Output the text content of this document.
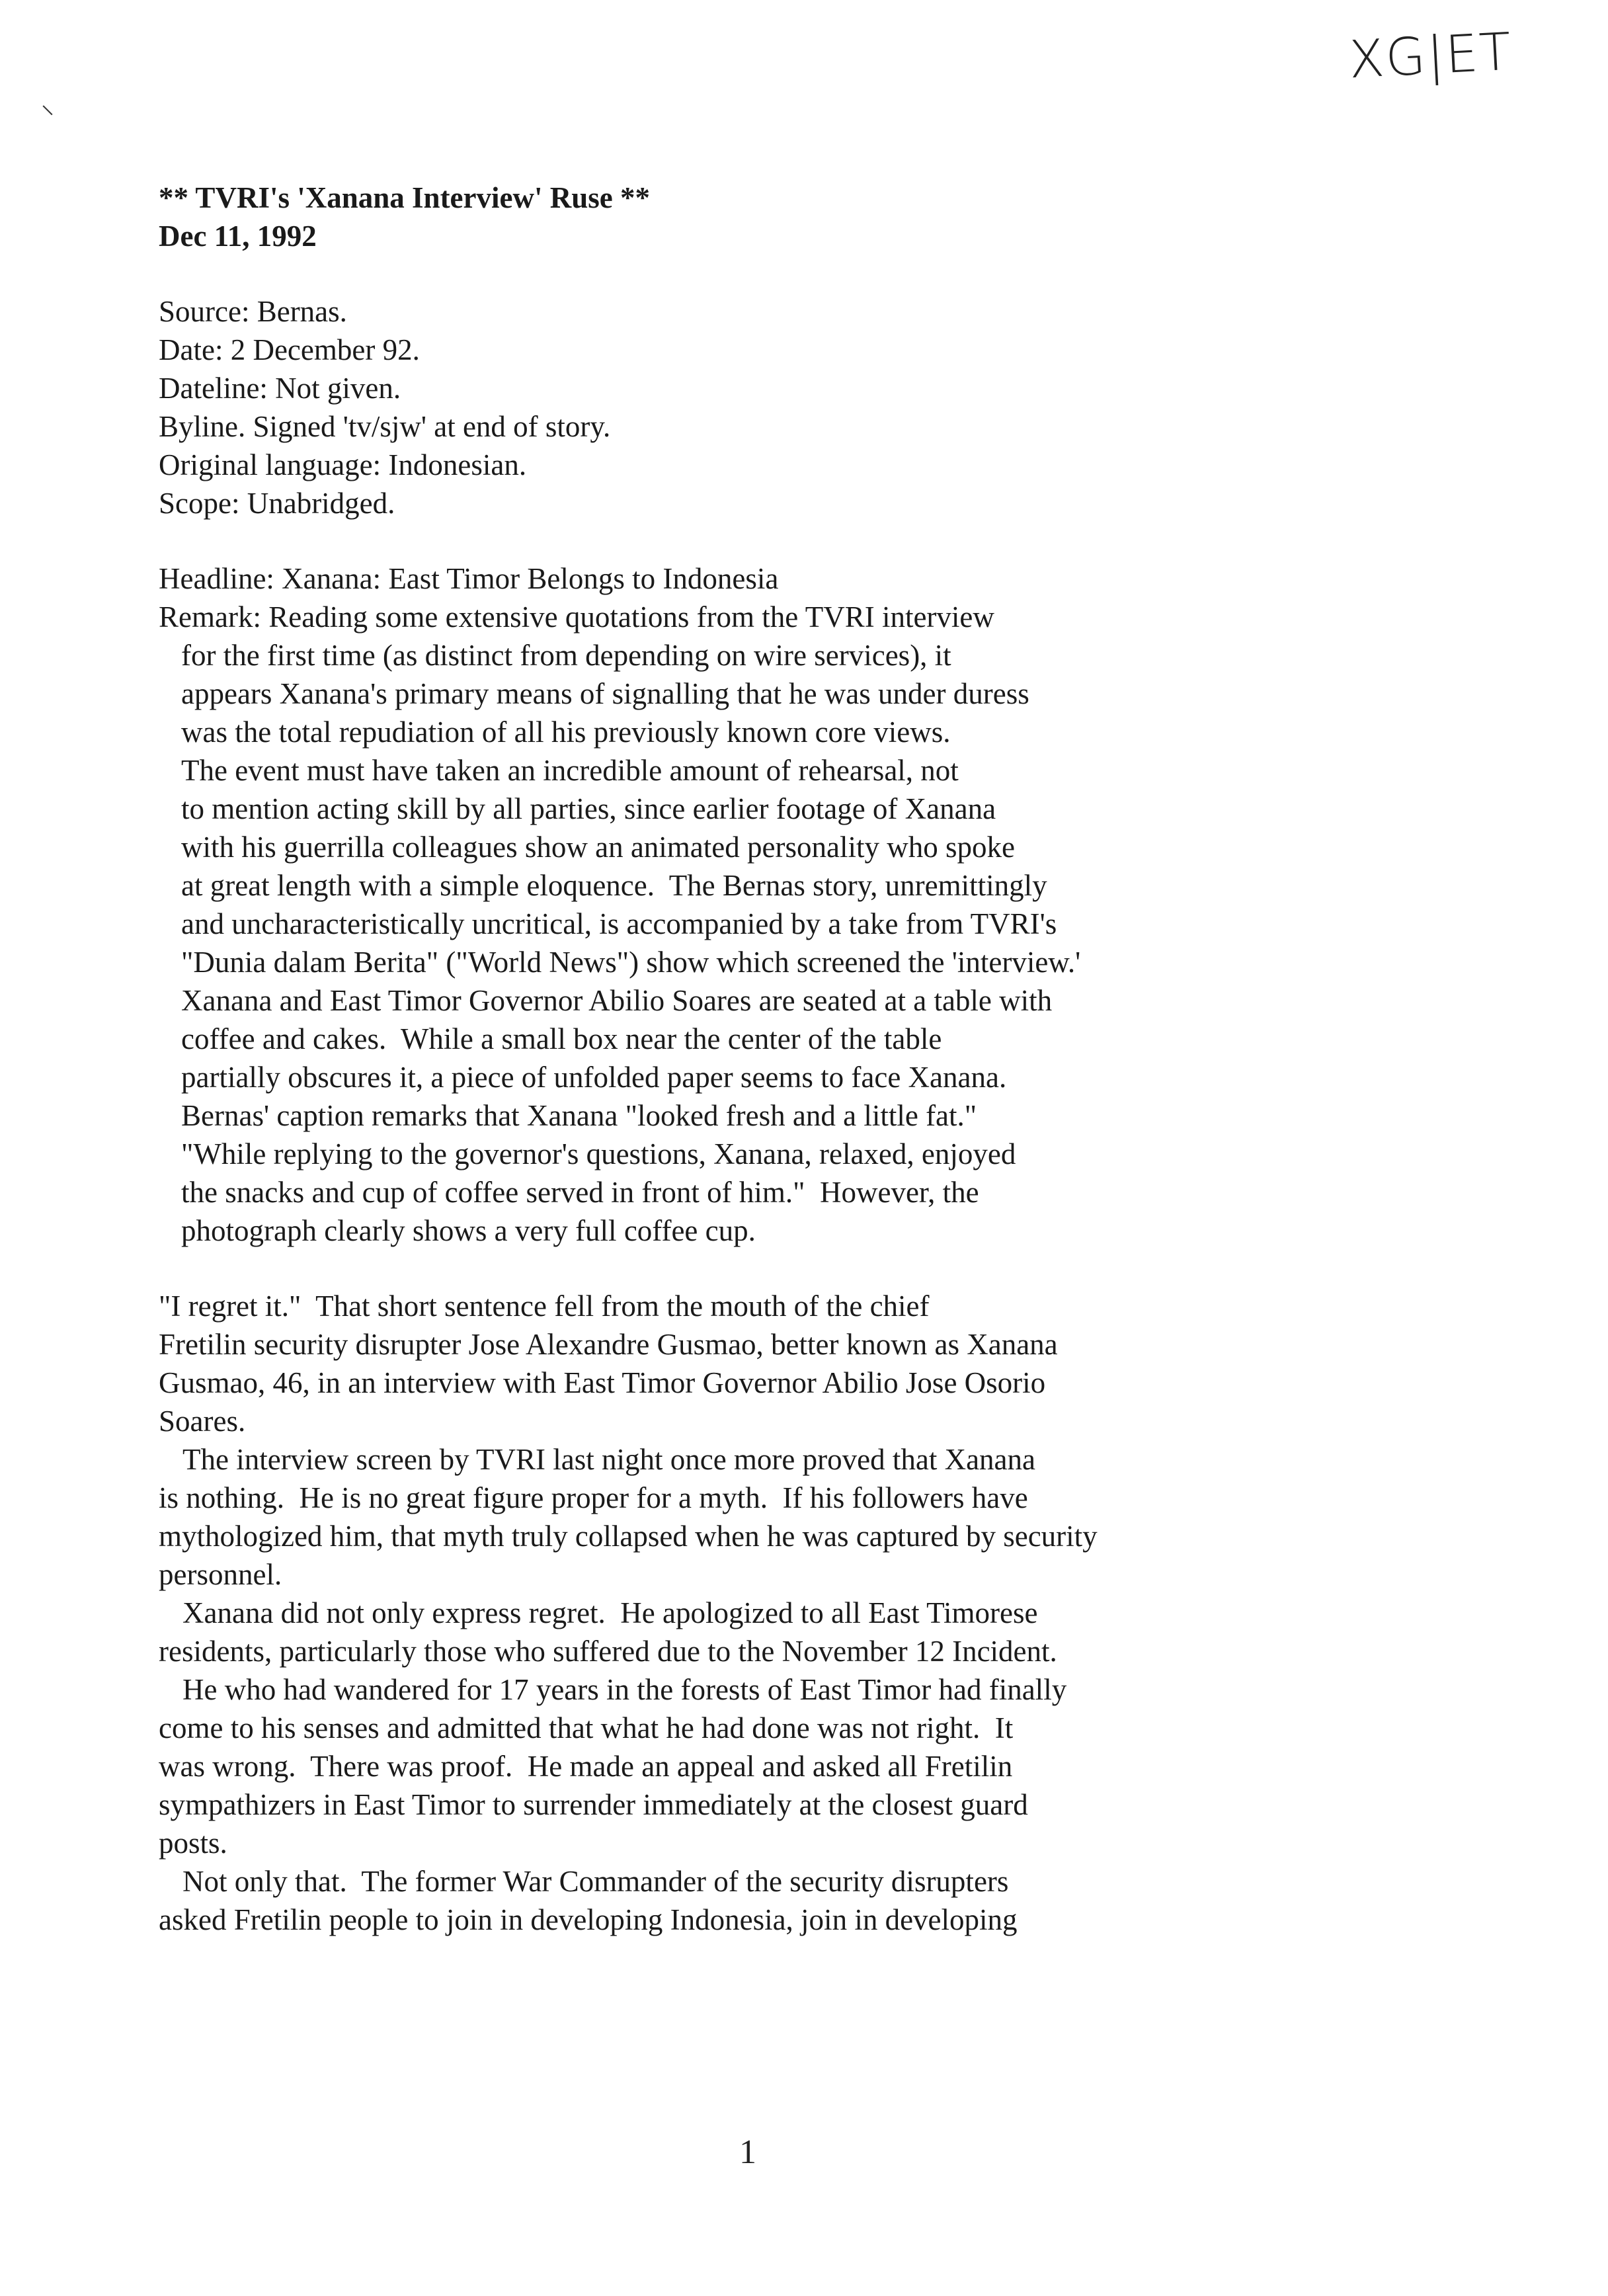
XG|ET
⸜
** TVRI's 'Xanana Interview' Ruse **
Dec 11, 1992
Source: Bernas.
Date: 2 December 92.
Dateline: Not given.
Byline. Signed 'tv/sjw' at end of story.
Original language: Indonesian.
Scope: Unabridged.
Headline: Xanana: East Timor Belongs to Indonesia
Remark: Reading some extensive quotations from the TVRI interview
for the first time (as distinct from depending on wire services), it
appears Xanana's primary means of signalling that he was under duress
was the total repudiation of all his previously known core views.
The event must have taken an incredible amount of rehearsal, not
to mention acting skill by all parties, since earlier footage of Xanana
with his guerrilla colleagues show an animated personality who spoke
at great length with a simple eloquence.  The Bernas story, unremittingly
and uncharacteristically uncritical, is accompanied by a take from TVRI's
"Dunia dalam Berita" ("World News") show which screened the 'interview.'
Xanana and East Timor Governor Abilio Soares are seated at a table with
coffee and cakes.  While a small box near the center of the table
partially obscures it, a piece of unfolded paper seems to face Xanana.
Bernas' caption remarks that Xanana "looked fresh and a little fat."
"While replying to the governor's questions, Xanana, relaxed, enjoyed
the snacks and cup of coffee served in front of him."  However, the
photograph clearly shows a very full coffee cup.
"I regret it."  That short sentence fell from the mouth of the chief
Fretilin security disrupter Jose Alexandre Gusmao, better known as Xanana
Gusmao, 46, in an interview with East Timor Governor Abilio Jose Osorio
Soares.
The interview screen by TVRI last night once more proved that Xanana
is nothing.  He is no great figure proper for a myth.  If his followers have
mythologized him, that myth truly collapsed when he was captured by security
personnel.
Xanana did not only express regret.  He apologized to all East Timorese
residents, particularly those who suffered due to the November 12 Incident.
He who had wandered for 17 years in the forests of East Timor had finally
come to his senses and admitted that what he had done was not right.  It
was wrong.  There was proof.  He made an appeal and asked all Fretilin
sympathizers in East Timor to surrender immediately at the closest guard
posts.
Not only that.  The former War Commander of the security disrupters
asked Fretilin people to join in developing Indonesia, join in developing
1
